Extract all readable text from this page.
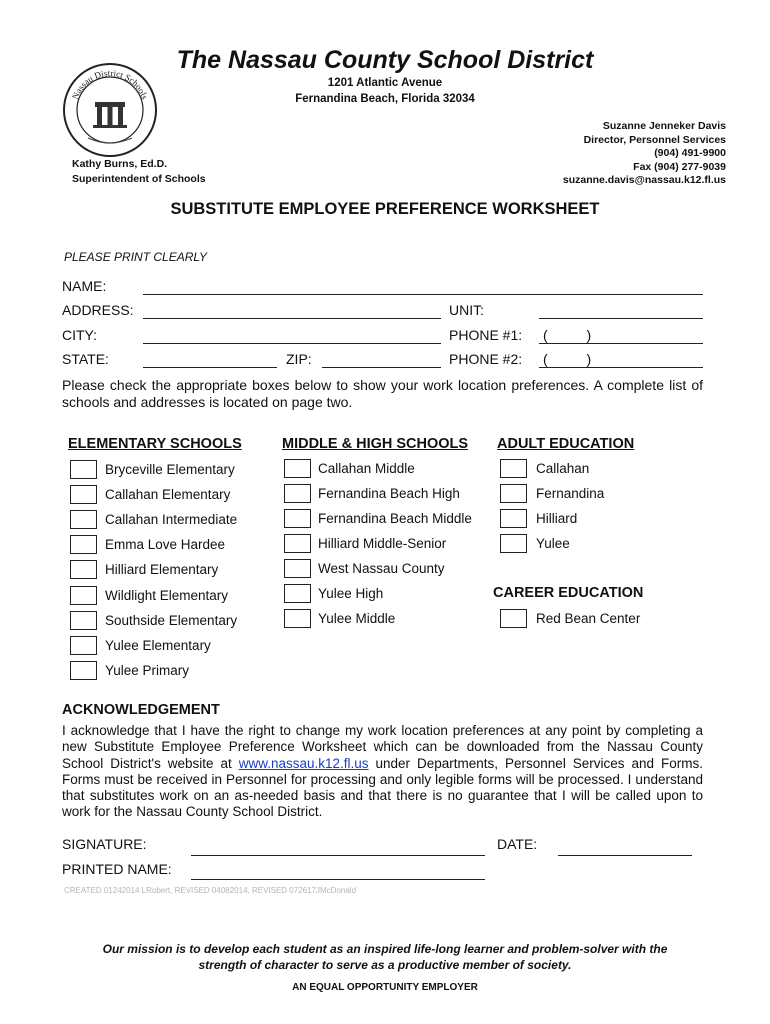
Nassau District Schools
The Nassau County School District
1201 Atlantic Avenue
Fernandina Beach, Florida 32034
Suzanne Jenneker Davis
Director, Personnel Services
(904) 491-9900
Fax (904) 277-9039
suzanne.davis@nassau.k12.fl.us
Kathy Burns, Ed.D.
Superintendent of Schools
SUBSTITUTE EMPLOYEE PREFERENCE WORKSHEET
PLEASE PRINT CLEARLY
NAME:
ADDRESS:	UNIT:
CITY:	PHONE #1: (          )
STATE:	ZIP:	PHONE #2: (          )
Please check the appropriate boxes below to show your work location preferences. A complete list of schools and addresses is located on page two.
ELEMENTARY SCHOOLS	MIDDLE & HIGH SCHOOLS ADULT EDUCATION
CAREER EDUCATION
Bryceville Elementary
Callahan Elementary
Callahan Intermediate
Emma Love Hardee
Hilliard Elementary
Wildlight Elementary
Southside Elementary
Yulee Elementary
Yulee Primary
Callahan Middle
Fernandina Beach High
Fernandina Beach Middle
Hilliard Middle-Senior
West Nassau County
Yulee High
Yulee Middle
Callahan
Fernandina
Hilliard
Yulee
Red Bean Center
ACKNOWLEDGEMENT
I acknowledge that I have the right to change my work location preferences at any point by completing a new Substitute Employee Preference Worksheet which can be downloaded from the Nassau County School District's website at www.nassau.k12.fl.us under Departments, Personnel Services and Forms. Forms must be received in Personnel for processing and only legible forms will be processed. I understand that substitutes work on an as-needed basis and that there is no guarantee that I will be called upon to work for the Nassau County School District.
SIGNATURE:	DATE:
PRINTED NAME:
CREATED 01242014 LRobert, REVISED 04082014, REVISED 072617JMcDonald
Our mission is to develop each student as an inspired life-long learner and problem-solver with the strength of character to serve as a productive member of society.
AN EQUAL OPPORTUNITY EMPLOYER
